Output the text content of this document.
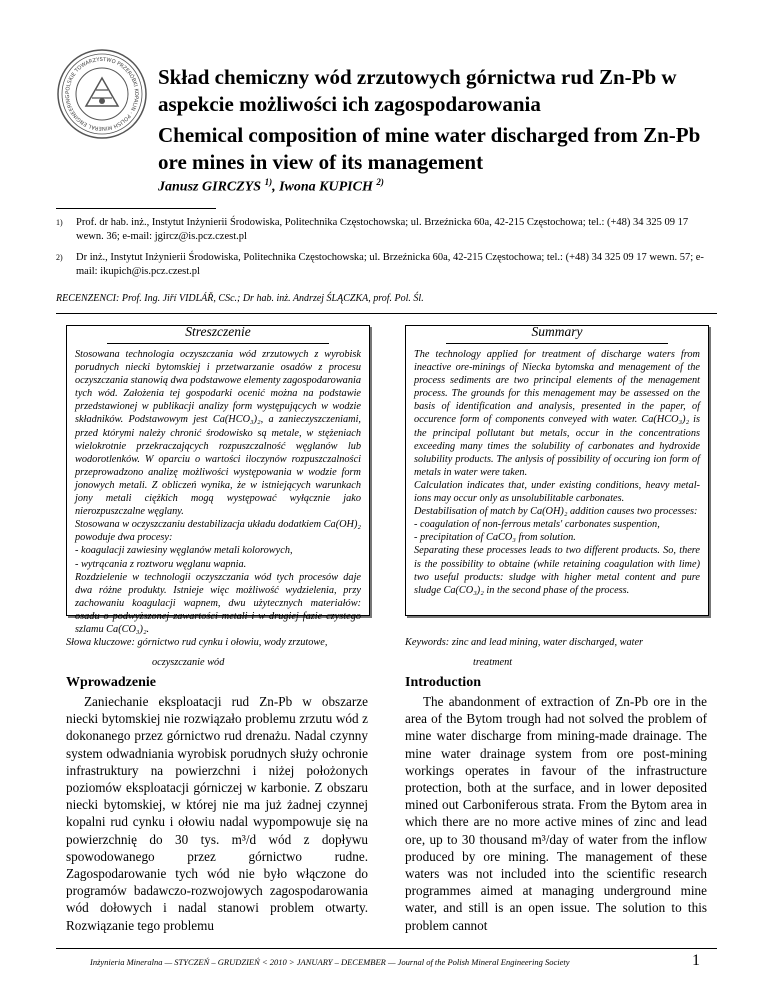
POLSKIE TOWARZYSTWO PRZERÓBKI KOPALIN · POLISH MINERAL ENGINEERING
Skład chemiczny wód zrzutowych górnictwa rud Zn-Pb w aspekcie możliwości ich zagospodarowania
Chemical composition of mine water discharged from Zn-Pb ore mines in view of its management
Janusz GIRCZYS $^{1)}$, Iwona KUPICH $^{2)}$
1)	Prof. dr hab. inż., Instytut Inżynierii Środowiska, Politechnika Częstochowska; ul. Brzeźnicka 60a, 42-215 Częstochowa; tel.: (+48) 34 325 09 17 wewn. 36; e-mail: jgircz@is.pcz.czest.pl
2)	Dr inż., Instytut Inżynierii Środowiska, Politechnika Częstochowska; ul. Brzeźnicka 60a, 42-215 Częstochowa; tel.: (+48) 34 325 09 17 wewn. 57; e-mail: ikupich@is.pcz.czest.pl
RECENZENCI: Prof. Ing. Jiří VIDLÁŘ, CSc.; Dr hab. inż. Andrzej ŚLĄCZKA, prof. Pol. Śl.
Streszczenie
Stosowana technologia oczyszczania wód zrzutowych z wyrobisk porudnych niecki bytomskiej i przetwarzanie osadów z procesu oczyszczania stanowią dwa podstawowe elementy zagospodarowania tych wód. Założenia tej gospodarki ocenić można na podstawie przedstawionej w publikacji analizy form występujących w wodzie składników. Podstawowym jest Ca(HCO₃)₂, a zanieczyszczeniami, przed którymi należy chronić środowisko są metale, w stężeniach wielokrotnie przekraczających rozpuszczalność węglanów lub wodorotlenków. W oparciu o wartości iloczynów rozpuszczalności przeprowadzono analizę możliwości występowania w wodzie form jonowych metali. Z obliczeń wynika, że w istniejących warunkach jony metali ciężkich mogą występować wyłącznie jako nierozpuszczalne węglany.
Stosowana w oczyszczaniu destabilizacja układu dodatkiem Ca(OH)₂ powoduje dwa procesy:
- koagulacji zawiesiny węglanów metali kolorowych,
- wytrącania z roztworu węglanu wapnia.
Rozdzielenie w technologii oczyszczania wód tych procesów daje dwa różne produkty. Istnieje więc możliwość wydzielenia, przy zachowaniu koagulacji wapnem, dwu użytecznych materiałów: osadu o podwyższonej zawartości metali i w drugiej fazie czystego szlamu Ca(CO₃)₂.
Summary
The technology applied for treatment of discharge waters from ineactive ore-minings of Niecka bytomska and menagement of the process sediments are two principal elements of the menagement process. The grounds for this menagement may be assessed on the basis of identification and analysis, presented in the paper, of occurence form of components conveyed with water. Ca(HCO₃)₂ is the principal pollutant but metals, occur in the concentrations exceeding many times the solubility of carbonates and hydroxide solubility products. The anlysis of possibility of occuring ion form of metals in water were taken.
Calculation indicates that, under existing conditions, heavy metal-ions may occur only as unsolubilitable carbonates.
Destabilisation of match by Ca(OH)₂ addition causes two processes:
- coagulation of non-ferrous metals' carbonates suspention,
- precipitation of CaCO₃ from solution.
Separating these processes leads to two different products. So, there is the possibility to obtaine (while retaining coagulation with lime) two useful products: sludge with higher metal content and pure sludge Ca(CO₃)₂ in the second phase of the process.
Słowa kluczowe: górnictwo rud cynku i ołowiu, wody zrzutowe,
oczyszczanie wód
Keywords: zinc and lead mining, water discharged, water
treatment
Wprowadzenie	Introduction
Zaniechanie eksploatacji rud Zn-Pb w obszarze niecki bytomskiej nie rozwiązało problemu zrzutu wód z dokonanego przez górnictwo rud drenażu. Nadal czynny system odwadniania wyrobisk porudnych służy ochronie infrastruktury na powierzchni i niżej położonych poziomów eksploatacji górniczej w karbonie. Z obszaru niecki bytomskiej, w której nie ma już żadnej czynnej kopalni rud cynku i ołowiu nadal wypompowuje się na powierzchnię do 30 tys. m³/d wód z dopływu spowodowanego przez górnictwo rudne. Zagospodarowanie tych wód nie było włączone do programów badawczo-rozwojowych zagospodarowania wód dołowych i nadal stanowi problem otwarty. Rozwiązanie tego problemu
The abandonment of extraction of Zn-Pb ore in the area of the Bytom trough had not solved the problem of mine water discharge from mining-made drainage. The mine water drainage system from ore post-mining workings operates in favour of the infrastructure protection, both at the surface, and in lower deposited mined out Carboniferous strata. From the Bytom area in which there are no more active mines of zinc and lead ore, up to 30 thousand m³/day of water from the inflow produced by ore mining. The management of these waters was not included into the scientific research programmes aimed at managing underground mine water, and still is an open issue. The solution to this problem cannot
Inżynieria Mineralna — STYCZEŃ – GRUDZIEŃ < 2010 > JANUARY – DECEMBER — Journal of the Polish Mineral Engineering Society	1
